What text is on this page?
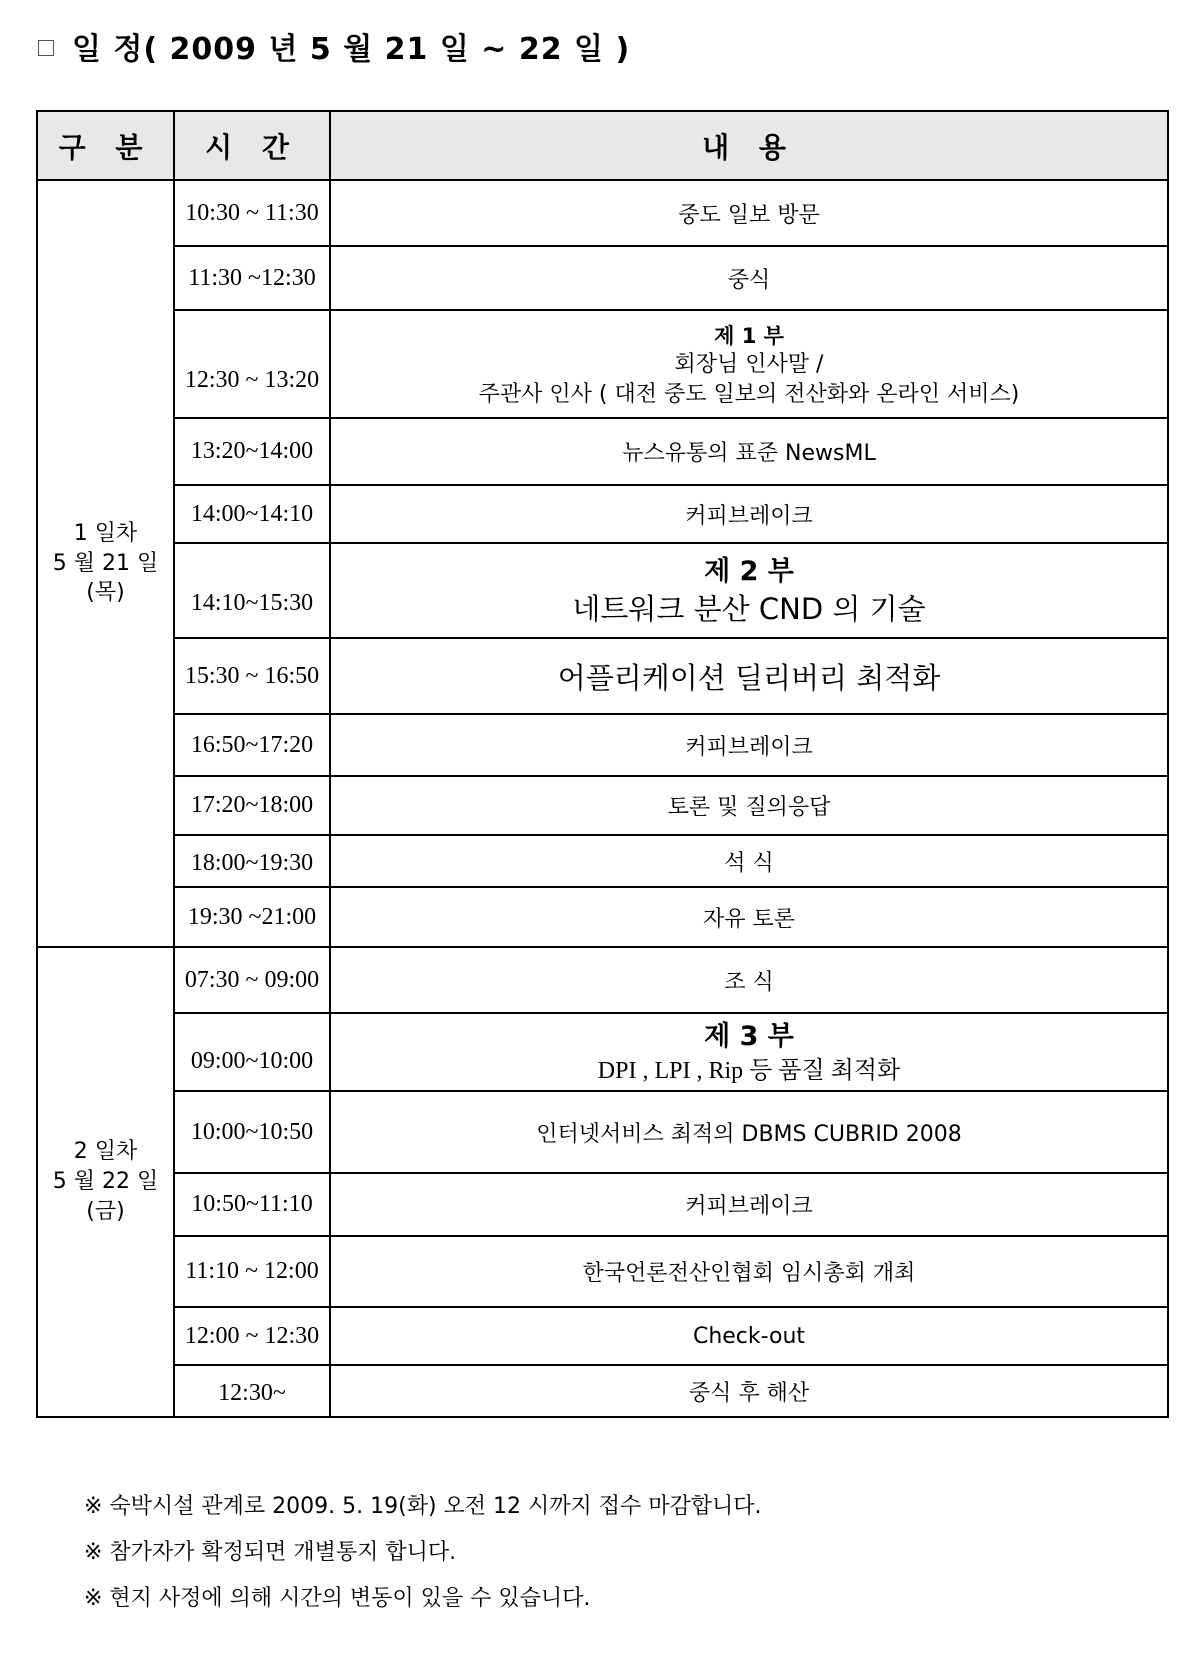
일 정( 2009 년 5 월 21 일 ~ 22 일 )
구 분	시 간	내 용

1 일차
5 월 21 일
(목)	10:30 ~ 11:30	중도 일보 방문
	11:30 ~12:30	중식
	12:30 ~ 13:20	제 1 부
회장님 인사말 /
주관사 인사 ( 대전 중도 일보의 전산화와 온라인 서비스)

	13:20~14:00	뉴스유통의 표준 NewsML
	14:00~14:10	커피브레이크
	14:10~15:30	제 2 부
네트워크 분산 CND 의 기술

	15:30 ~ 16:50	어플리케이션 딜리버리 최적화
	16:50~17:20	커피브레이크
	17:20~18:00	토론 및 질의응답
	18:00~19:30	석 식
	19:30 ~21:00	자유 토론

2 일차
5 월 22 일
(금)	07:30 ~ 09:00	조 식
	09:00~10:00	제 3 부
DPI , LPI , Rip 등 품질 최적화

	10:00~10:50	인터넷서비스 최적의 DBMS CUBRID 2008
	10:50~11:10	커피브레이크
	11:10 ~ 12:00	한국언론전산인협회 임시총회 개최
	12:00 ~ 12:30	Check-out
	12:30~	중식 후 해산
※ 숙박시설 관계로 2009. 5. 19(화) 오전 12 시까지 접수 마감합니다.
※ 참가자가 확정되면 개별통지 합니다.
※ 현지 사정에 의해 시간의 변동이 있을 수 있습니다.
